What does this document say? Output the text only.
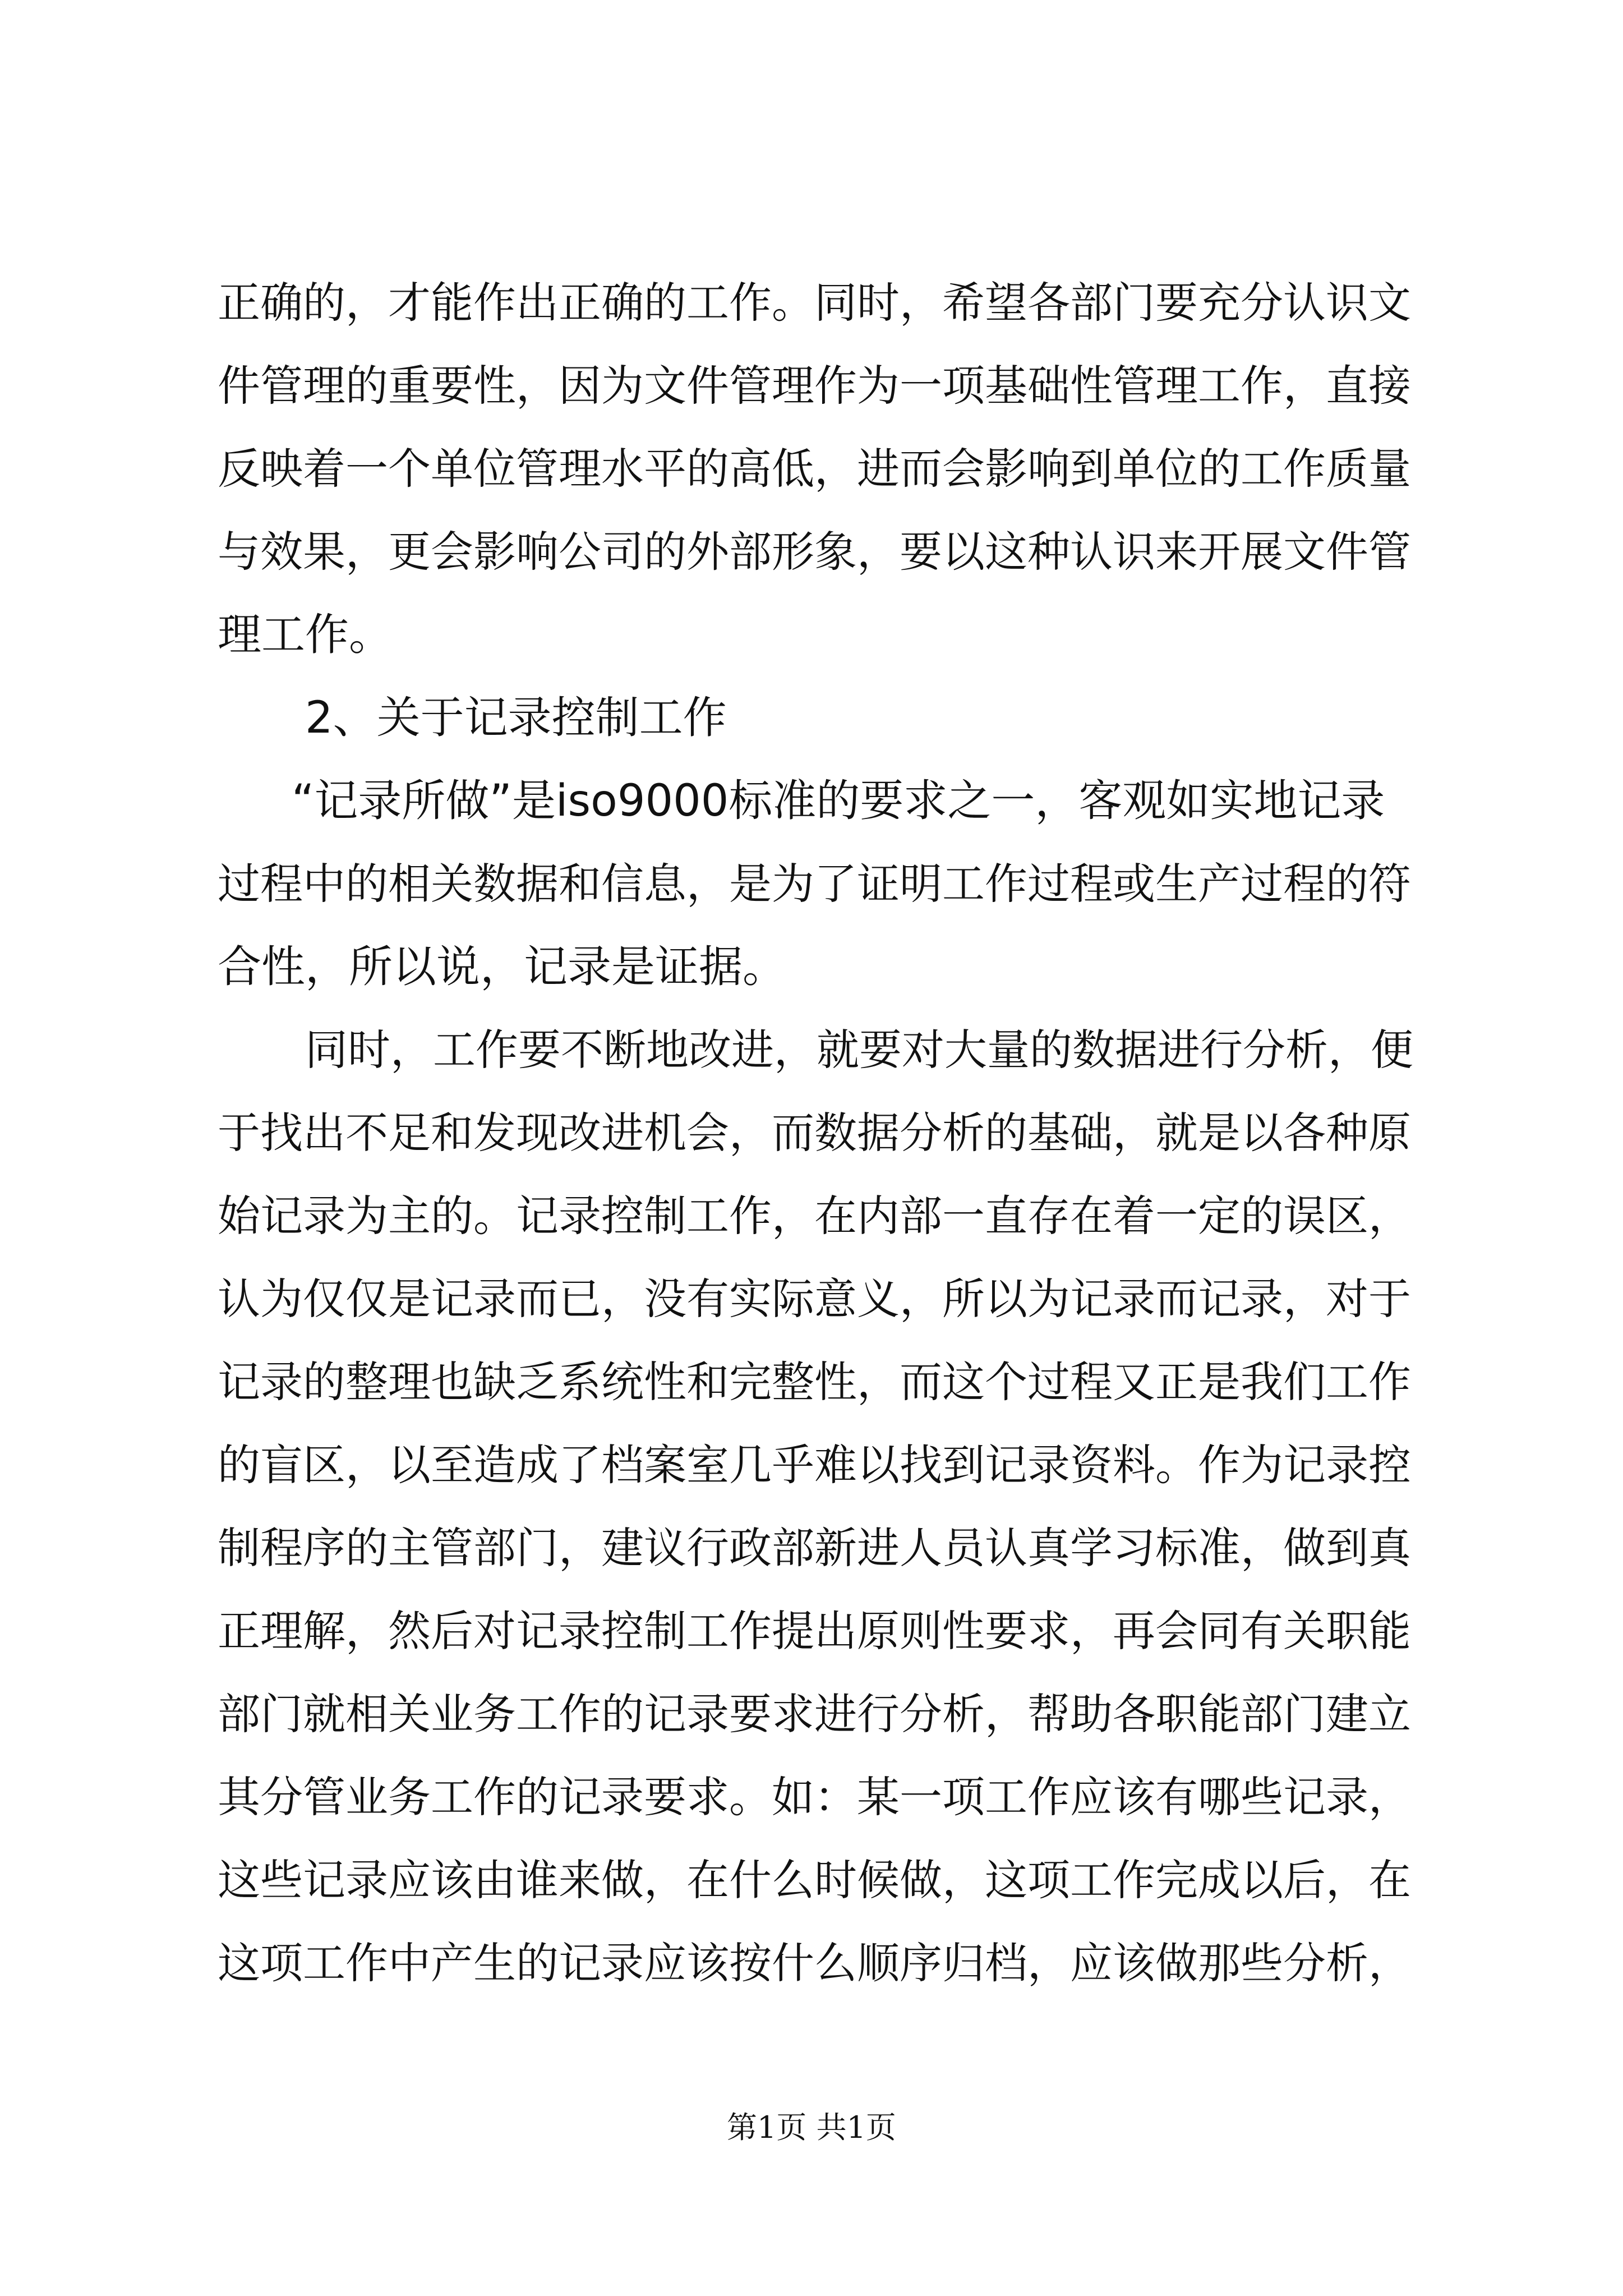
正确的，才能作出正确的工作。同时，希望各部门要充分认识文

件管理的重要性，因为文件管理作为一项基础性管理工作，直接

反映着一个单位管理水平的高低，进而会影响到单位的工作质量

与效果，更会影响公司的外部形象，要以这种认识来开展文件管

理工作。

2、关于记录控制工作

“记录所做”是iso9000标准的要求之一，客观如实地记录

过程中的相关数据和信息，是为了证明工作过程或生产过程的符

合性，所以说，记录是证据。

同时，工作要不断地改进，就要对大量的数据进行分析，便

于找出不足和发现改进机会，而数据分析的基础，就是以各种原

始记录为主的。记录控制工作，在内部一直存在着一定的误区，

认为仅仅是记录而已，没有实际意义，所以为记录而记录，对于

记录的整理也缺乏系统性和完整性，而这个过程又正是我们工作

的盲区，以至造成了档案室几乎难以找到记录资料。作为记录控

制程序的主管部门，建议行政部新进人员认真学习标准，做到真

正理解，然后对记录控制工作提出原则性要求，再会同有关职能

部门就相关业务工作的记录要求进行分析，帮助各职能部门建立

其分管业务工作的记录要求。如：某一项工作应该有哪些记录，

这些记录应该由谁来做，在什么时候做，这项工作完成以后，在

这项工作中产生的记录应该按什么顺序归档，应该做那些分析，

第1页 共1页
